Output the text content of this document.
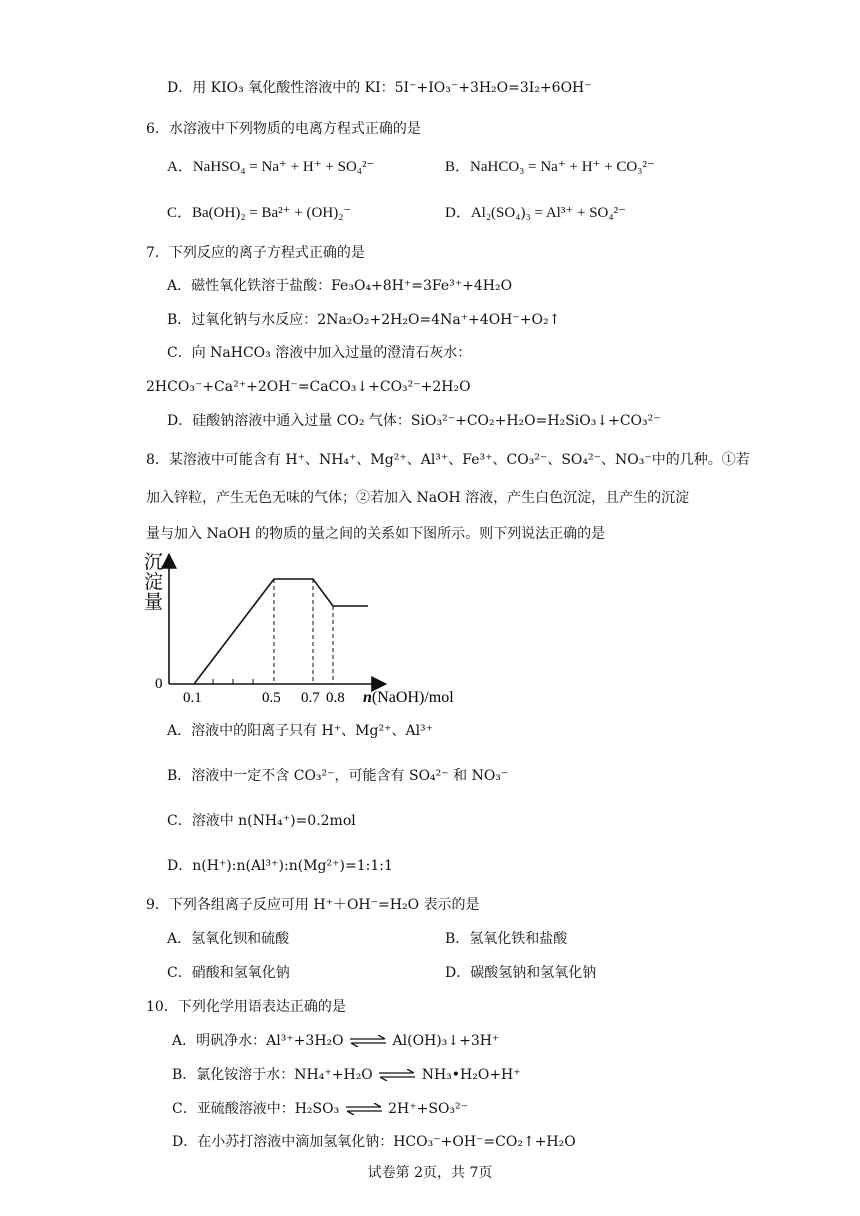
D．用 KIO₃ 氧化酸性溶液中的 KI：5I⁻+IO₃⁻+3H₂O=3I₂+6OH⁻
6．水溶液中下列物质的电离方程式正确的是
A．NaHSO₄ = Na⁺ + H⁺ + SO₄²⁻	B．NaHCO₃ = Na⁺ + H⁺ + CO₃²⁻
C．Ba(OH)₂ = Ba²⁺ + (OH)₂⁻	D．Al₂(SO₄)₃ = Al³⁺ + SO₄²⁻
7．下列反应的离子方程式正确的是
A．磁性氧化铁溶于盐酸：Fe₃O₄+8H⁺=3Fe³⁺+4H₂O
B．过氧化钠与水反应：2Na₂O₂+2H₂O=4Na⁺+4OH⁻+O₂↑
C．向 NaHCO₃ 溶液中加入过量的澄清石灰水：
2HCO₃⁻+Ca²⁺+2OH⁻=CaCO₃↓+CO₃²⁻+2H₂O
D．硅酸钠溶液中通入过量 CO₂ 气体：SiO₃²⁻+CO₂+H₂O=H₂SiO₃↓+CO₃²⁻
8．某溶液中可能含有 H⁺、NH₄⁺、Mg²⁺、Al³⁺、Fe³⁺、CO₃²⁻、SO₄²⁻、NO₃⁻中的几种。①若
加入锌粒，产生无色无味的气体；②若加入 NaOH 溶液，产生白色沉淀，且产生的沉淀
量与加入 NaOH 的物质的量之间的关系如下图所示。则下列说法正确的是
沉
淀
量
0
0.1	0.5 0.7 0.8 n(NaOH)/mol
A．溶液中的阳离子只有 H⁺、Mg²⁺、Al³⁺
B．溶液中一定不含 CO₃²⁻，可能含有 SO₄²⁻ 和 NO₃⁻
C．溶液中 n(NH₄⁺)=0.2mol
D．n(H⁺):n(Al³⁺):n(Mg²⁺)=1:1:1
9．下列各组离子反应可用 H⁺＋OH⁻=H₂O 表示的是
A．氢氧化钡和硫酸	B．氢氧化铁和盐酸
C．硝酸和氢氧化钠	D．碳酸氢钠和氢氧化钠
10．下列化学用语表达正确的是
A．明矾净水：Al³⁺+3H₂O ⇌ Al(OH)₃↓+3H⁺
B．氯化铵溶于水：NH₄⁺+H₂O ⇌ NH₃•H₂O+H⁺
C．亚硫酸溶液中：H₂SO₃ ⇌ 2H⁺+SO₃²⁻
D．在小苏打溶液中滴加氢氧化钠：HCO₃⁻+OH⁻=CO₂↑+H₂O
试卷第 2页，共 7页
